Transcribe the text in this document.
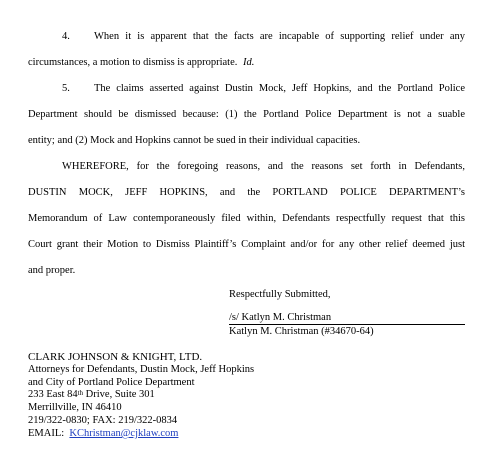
4. When it is apparent that the facts are incapable of supporting relief under any
circumstances, a motion to dismiss is appropriate. Id.
5. The claims asserted against Dustin Mock, Jeff Hopkins, and the Portland Police
Department should be dismissed because: (1) the Portland Police Department is not a suable
entity; and (2) Mock and Hopkins cannot be sued in their individual capacities.
WHEREFORE, for the foregoing reasons, and the reasons set forth in Defendants,
DUSTIN MOCK, JEFF HOPKINS, and the PORTLAND POLICE DEPARTMENT’s
Memorandum of Law contemporaneously filed within, Defendants respectfully request that this
Court grant their Motion to Dismiss Plaintiff’s Complaint and/or for any other relief deemed just
and proper.
Respectfully Submitted,
/s/ Katlyn M. Christman
Katlyn M. Christman (#34670-64)
CLARK JOHNSON & KNIGHT, LTD.
Attorneys for Defendants, Dustin Mock, Jeff Hopkins
and City of Portland Police Department
233 East 84th Drive, Suite 301
Merrillville, IN 46410
219/322-0830; FAX: 219/322-0834
EMAIL:  KChristman@cjklaw.com
